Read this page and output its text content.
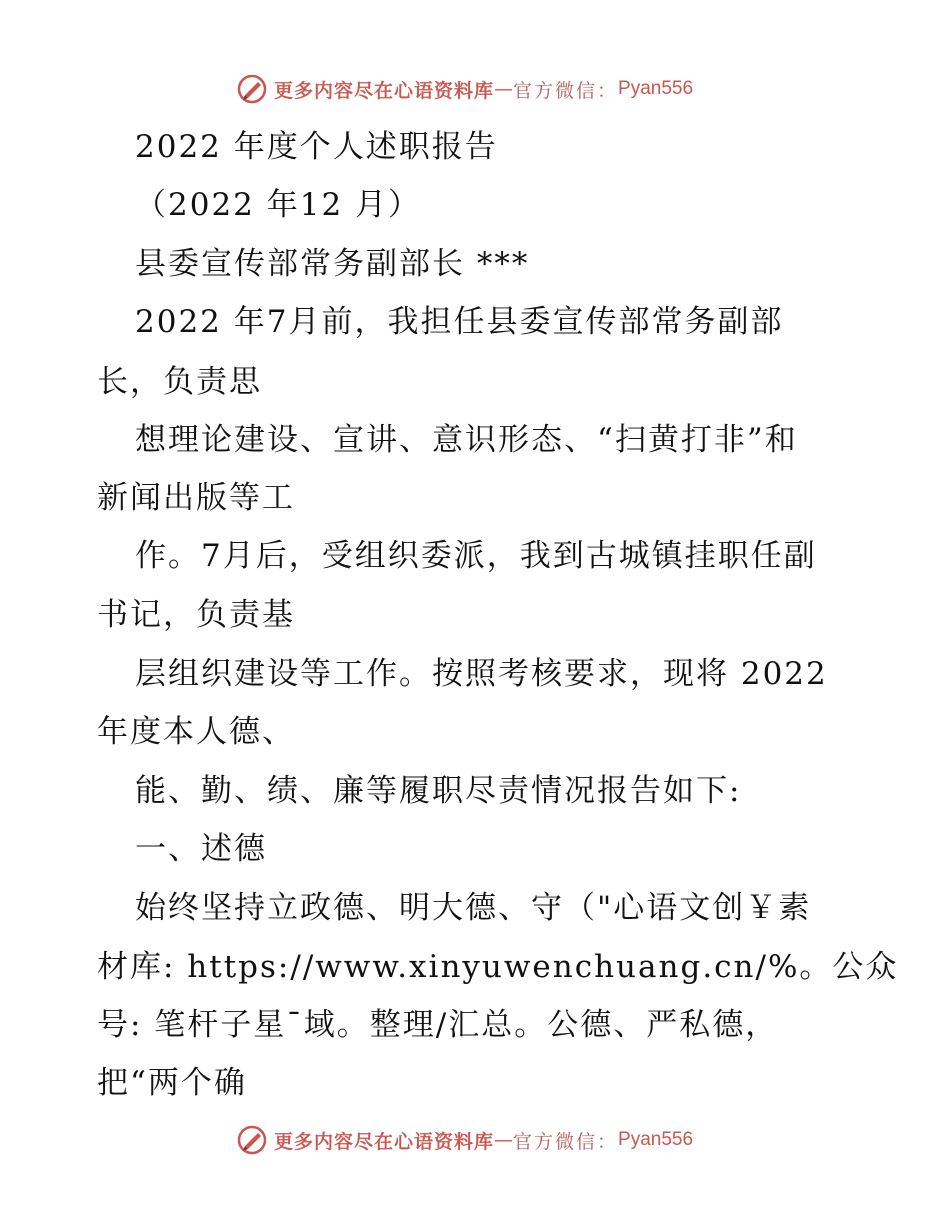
更多内容尽在心语资料库 — 官方微信： Pyan556
2022 年度个人述职报告
（2022 年12 月）
县委宣传部常务副部长 ***
2022 年7月前，我担任县委宣传部常务副部
长，负责思
想理论建设、宣讲、意识形态、“扫黄打非”和
新闻出版等工
作。7月后，受组织委派，我到古城镇挂职任副
书记，负责基
层组织建设等工作。按照考核要求，现将 2022
年度本人德、
能、勤、绩、廉等履职尽责情况报告如下:
一、述德
始终坚持立政德、明大德、守（"心语文创￥素
材库: https://www.xinyuwenchuang.cn/%。公众
号: 笔杆子星¯域。整理/汇总。公德、严私德，
把“两个确
更多内容尽在心语资料库 — 官方微信： Pyan556
